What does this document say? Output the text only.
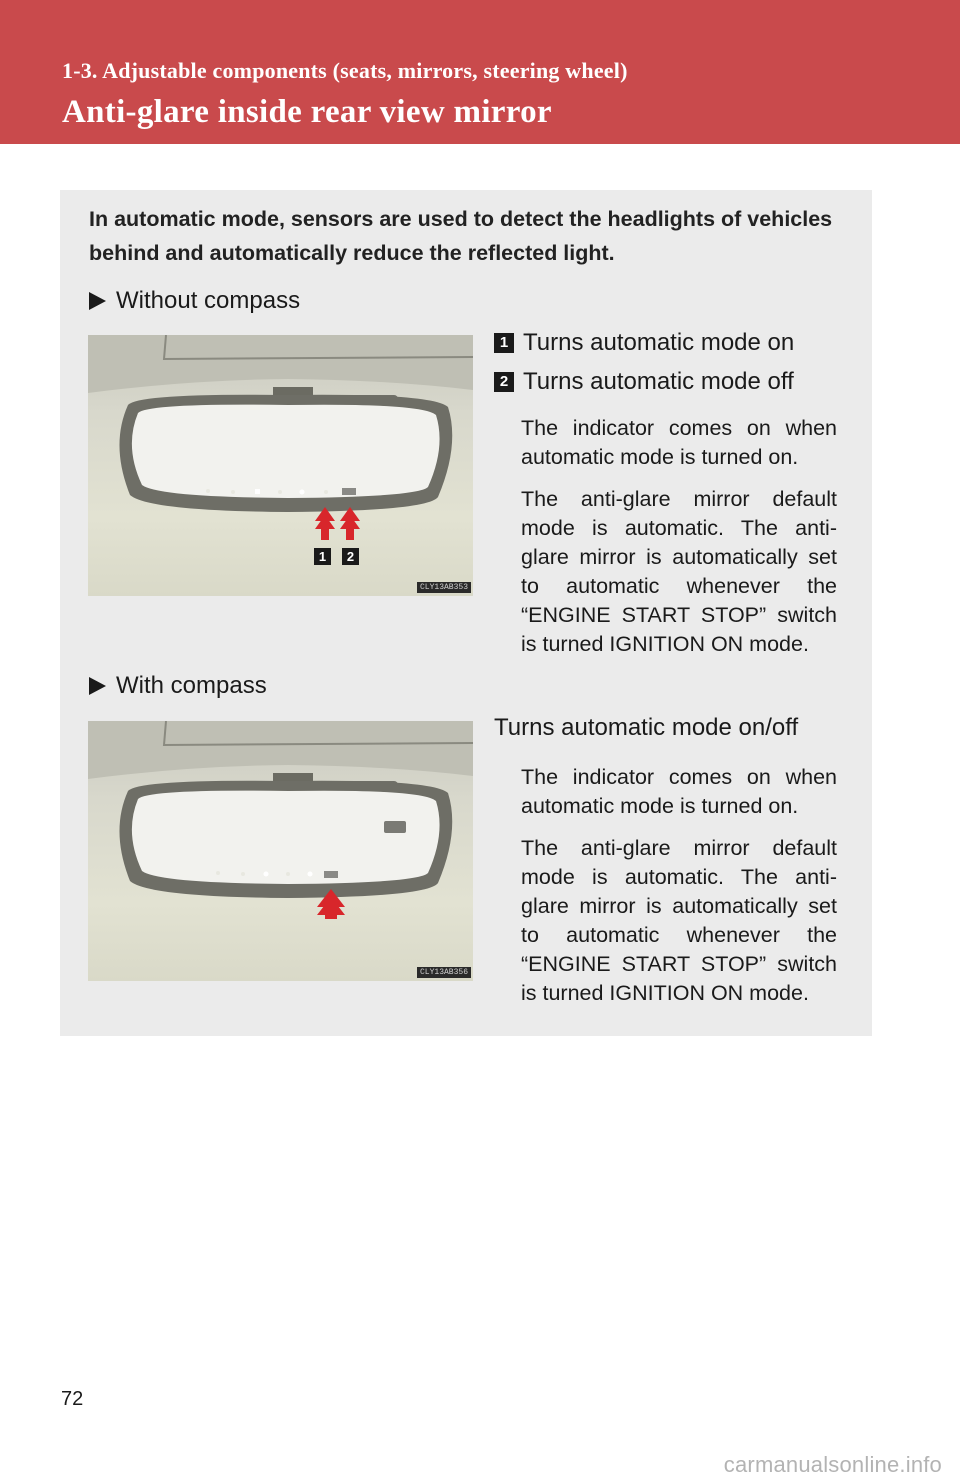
1-3. Adjustable components (seats, mirrors, steering wheel)
Anti-glare inside rear view mirror
In automatic mode, sensors are used to detect the headlights of vehicles behind and automatically reduce the reflected light.
Without compass
1	2
CLY13AB353
1 Turns automatic mode on
2 Turns automatic mode off
The indicator comes on when automatic mode is turned on.
The anti-glare mirror default mode is automatic. The anti-glare mirror is automatically set to automatic whenever the “ENGINE START STOP” switch is turned IGNITION ON mode.
With compass
CLY13AB356
Turns automatic mode on/off
The indicator comes on when automatic mode is turned on.
The anti-glare mirror default mode is automatic. The anti-glare mirror is automatically set to automatic whenever the “ENGINE START STOP” switch is turned IGNITION ON mode.
72
carmanualsonline.info
